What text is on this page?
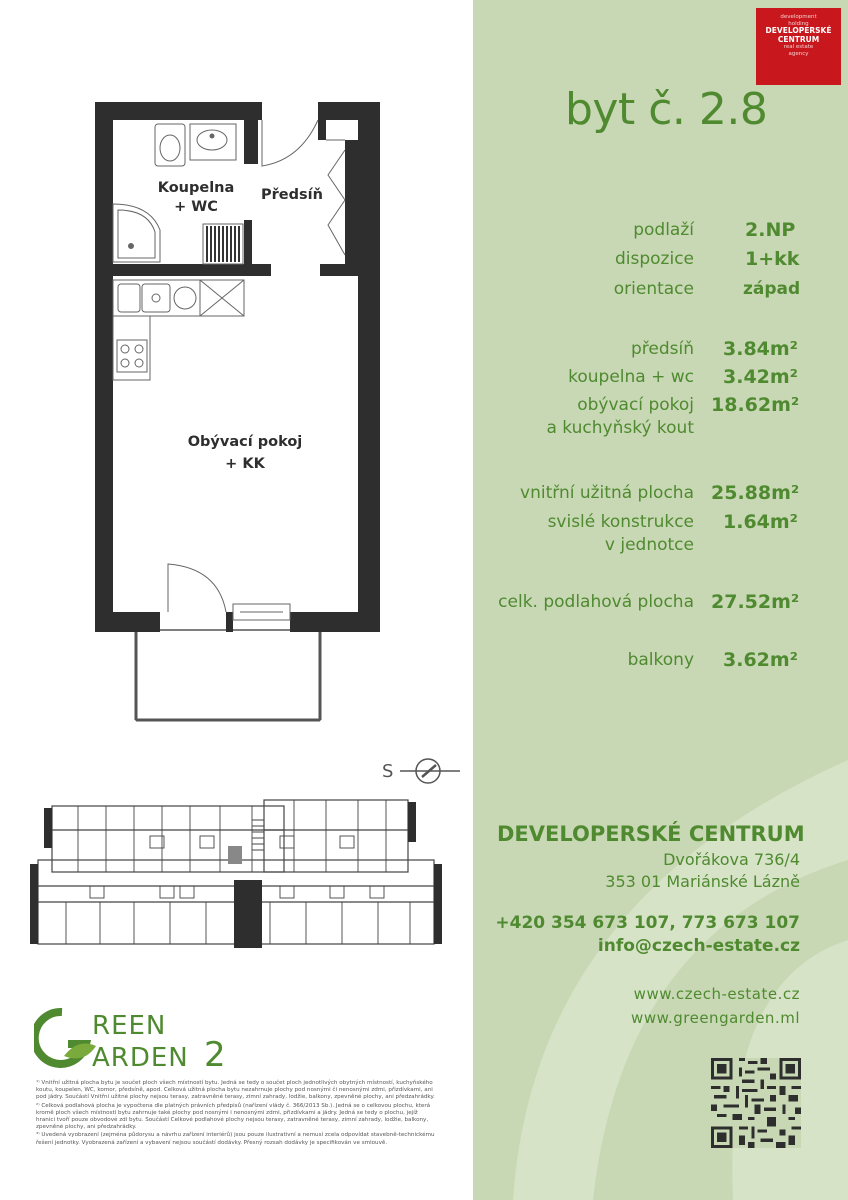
Koupelna
+ WC
Předsíň
Obývací pokoj
+ KK
S
REEN
ARDEN 2

¹⁾ Vnitřní užitná plocha bytu je součet ploch všech místností bytu. Jedná se tedy o součet ploch jednotlivých obytných místností, kuchyňského koutu, koupelen, WC, komor, předsíně, apod. Celková užitná plocha bytu nezahrnuje plochy pod nosnými či nenosnými zdmi, přizdívkami, ani pod jádry. Součástí Vnitřní užitné plochy nejsou terasy, zatravněné terasy, zimní zahrady, lodžie, balkony, zpevněné plochy, ani předzahrádky.

²⁾ Celková podlahová plocha je vypočtena dle platných právních předpisů (nařízení vlády č. 366/2013 Sb.). Jedná se o celkovou plochu, která kromě ploch všech místností bytu zahrnuje také plochy pod nosnými i nenosnými zdmi, přizdívkami a jádry. Jedná se tedy o plochu, jejíž hranici tvoří pouze obvodové zdi bytu. Součástí Celkové podlahové plochy nejsou terasy, zatravněné terasy, zimní zahrady, lodžie, balkony, zpevněné plochy, ani předzahrádky.

³⁾ Uvedená vyobrazení (zejména půdorysu a návrhu zařízení interiérů) jsou pouze ilustrativní a nemusí zcela odpovídat stavebně-technickému řešení jednotky. Vyobrazená zařízení a vybavení nejsou součástí dodávky. Přesný rozsah dodávky je specifikován ve smlouvě.

development
holding
DEVELOPERSKÉ
CENTRUM
real estate
agency
byt č. 2.8
podlaží	2.NP
dispozice	1+kk
orientace	západ
předsíň 3.84m²
koupelna + wc 3.42m²
obývací pokoj
a kuchyňský kout
18.62m²
vnitřní užitná plocha 25.88m²
svislé konstrukce
v jednotce
1.64m²
celk. podlahová plocha 27.52m²
balkony 3.62m²
DEVELOPERSKÉ CENTRUM
Dvořákova 736/4
353 01 Mariánské Lázně
+420 354 673 107, 773 673 107
info@czech-estate.cz
www.czech-estate.cz
www.greengarden.ml
